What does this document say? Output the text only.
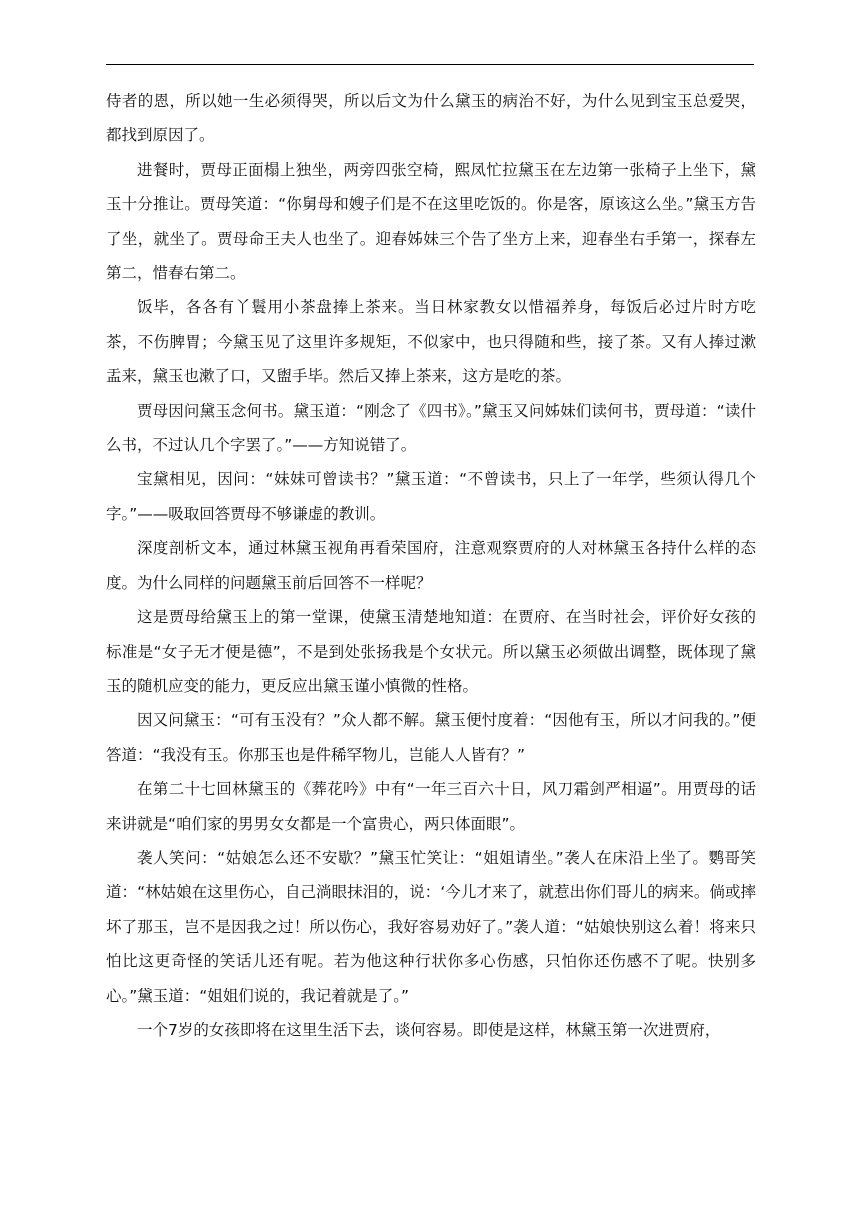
侍者的恩，所以她一生必须得哭，所以后文为什么黛玉的病治不好，为什么见到宝玉总爱哭，都找到原因了。

进餐时，贾母正面榻上独坐，两旁四张空椅，熙凤忙拉黛玉在左边第一张椅子上坐下，黛玉十分推让。贾母笑道：“你舅母和嫂子们是不在这里吃饭的。你是客，原该这么坐。”黛玉方告了坐，就坐了。贾母命王夫人也坐了。迎春姊妹三个告了坐方上来，迎春坐右手第一，探春左第二，惜春右第二。

饭毕，各各有丫鬟用小茶盘捧上茶来。当日林家教女以惜福养身，每饭后必过片时方吃茶，不伤脾胃；今黛玉见了这里许多规矩，不似家中，也只得随和些，接了茶。又有人捧过漱盂来，黛玉也漱了口，又盥手毕。然后又捧上茶来，这方是吃的茶。

贾母因问黛玉念何书。黛玉道：“刚念了《四书》。”黛玉又问姊妹们读何书，贾母道：“读什么书，不过认几个字罢了。”——方知说错了。

宝黛相见，因问：“妹妹可曾读书？”黛玉道：“不曾读书，只上了一年学，些须认得几个字。”——吸取回答贾母不够谦虚的教训。

深度剖析文本，通过林黛玉视角再看荣国府，注意观察贾府的人对林黛玉各持什么样的态度。为什么同样的问题黛玉前后回答不一样呢？

这是贾母给黛玉上的第一堂课，使黛玉清楚地知道：在贾府、在当时社会，评价好女孩的标准是“女子无才便是德”，不是到处张扬我是个女状元。所以黛玉必须做出调整，既体现了黛玉的随机应变的能力，更反应出黛玉谨小慎微的性格。

因又问黛玉：“可有玉没有？”众人都不解。黛玉便忖度着：“因他有玉，所以才问我的。”便答道：“我没有玉。你那玉也是件稀罕物儿，岂能人人皆有？”

在第二十七回林黛玉的《葬花吟》中有“一年三百六十日，风刀霜剑严相逼”。用贾母的话来讲就是“咱们家的男男女女都是一个富贵心，两只体面眼”。

袭人笑问：“姑娘怎么还不安歇？”黛玉忙笑让：“姐姐请坐。”袭人在床沿上坐了。鹦哥笑道：“林姑娘在这里伤心，自己淌眼抹泪的，说：‘今儿才来了，就惹出你们哥儿的病来。倘或摔坏了那玉，岂不是因我之过！所以伤心，我好容易劝好了。”袭人道：“姑娘快别这么着！将来只怕比这更奇怪的笑话儿还有呢。若为他这种行状你多心伤感，只怕你还伤感不了呢。快别多心。”黛玉道：“姐姐们说的，我记着就是了。”

一个7岁的女孩即将在这里生活下去，谈何容易。即使是这样，林黛玉第一次进贾府，
